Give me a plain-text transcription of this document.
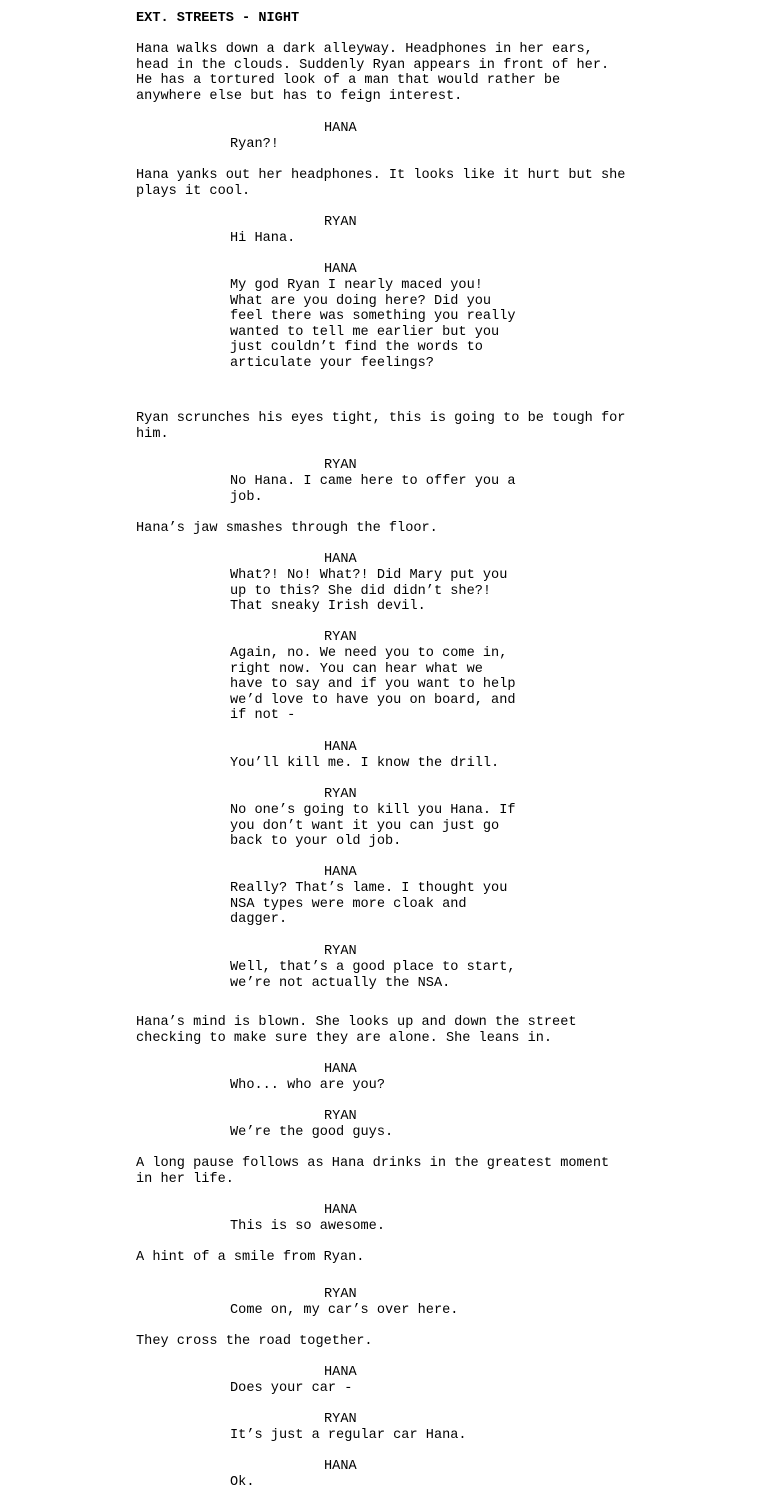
EXT. STREETS - NIGHT
Hana walks down a dark alleyway. Headphones in her ears,
head in the clouds. Suddenly Ryan appears in front of her.
He has a tortured look of a man that would rather be
anywhere else but has to feign interest.
HANA
Ryan?!
Hana yanks out her headphones. It looks like it hurt but she
plays it cool.
RYAN
Hi Hana.
HANA
My god Ryan I nearly maced you!
What are you doing here? Did you
feel there was something you really
wanted to tell me earlier but you
just couldn’t find the words to
articulate your feelings?
Ryan scrunches his eyes tight, this is going to be tough for
him.
RYAN
No Hana. I came here to offer you a
job.
Hana’s jaw smashes through the floor.
HANA
What?! No! What?! Did Mary put you
up to this? She did didn’t she?!
That sneaky Irish devil.
RYAN
Again, no. We need you to come in,
right now. You can hear what we
have to say and if you want to help
we’d love to have you on board, and
if not -
HANA
You’ll kill me. I know the drill.
RYAN
No one’s going to kill you Hana. If
you don’t want it you can just go
back to your old job.
HANA
Really? That’s lame. I thought you
NSA types were more cloak and
dagger.
RYAN
Well, that’s a good place to start,
we’re not actually the NSA.
Hana’s mind is blown. She looks up and down the street
checking to make sure they are alone. She leans in.
HANA
Who... who are you?
RYAN
We’re the good guys.
A long pause follows as Hana drinks in the greatest moment
in her life.
HANA
This is so awesome.
A hint of a smile from Ryan.
RYAN
Come on, my car’s over here.
They cross the road together.
HANA
Does your car -
RYAN
It’s just a regular car Hana.
HANA
Ok.
